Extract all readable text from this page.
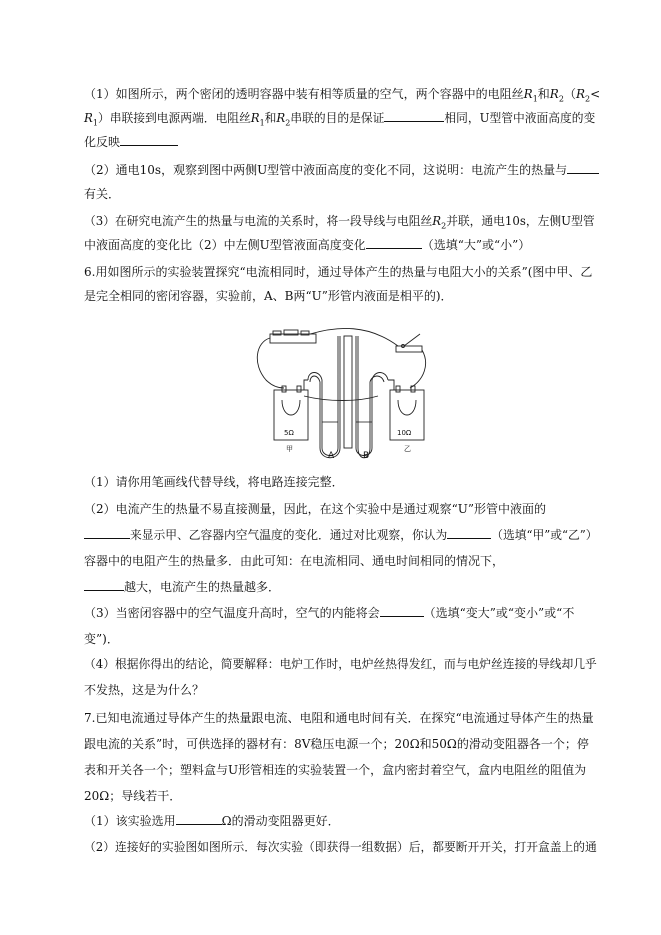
（1）如图所示，两个密闭的透明容器中装有相等质量的空气，两个容器中的电阻丝$R_1$和$R_2(R_2<$
$R_1$）串联接到电源两端．电阻丝$R_1$和$R_2$串联的目的是保证	相同，U型管中液面高度的变
化反映
（2）通电10s，观察到图中两侧U型管中液面高度的变化不同，这说明：电流产生的热量与
有关．
（3）在研究电流产生的热量与电流的关系时，将一段导线与电阻丝$R_2$并联，通电10s，左侧U型管
中液面高度的变化比（2）中左侧U型管液面高度变化	（选填“大”或“小”）
6.用如图所示的实验装置探究“电流相同时，通过导体产生的热量与电阻大小的关系”(图中甲、乙
是完全相同的密闭容器，实验前，A、B两“U”形管内液面是相平的)．
5Ω	10Ω
甲	乙
A	B
（1）请你用笔画线代替导线，将电路连接完整．
（2）电流产生的热量不易直接测量，因此，在这个实验中是通过观察“U”形管中液面的
来显示甲、乙容器内空气温度的变化．通过对比观察，你认为	（选填“甲”或“乙”）
容器中的电阻产生的热量多．由此可知：在电流相同、通电时间相同的情况下，
越大，电流产生的热量越多．
（3）当密闭容器中的空气温度升高时，空气的内能将会	（选填“变大”或“变小”或“不
变”)．
（4）根据你得出的结论，简要解释：电炉工作时，电炉丝热得发红，而与电炉丝连接的导线却几乎
不发热，这是为什么？
7.已知电流通过导体产生的热量跟电流、电阻和通电时间有关．在探究“电流通过导体产生的热量
跟电流的关系”时，可供选择的器材有：8V稳压电源一个；20Ω和50Ω的滑动变阻器各一个；停
表和开关各一个；塑料盒与U形管相连的实验装置一个，盒内密封着空气，盒内电阻丝的阻值为
20Ω；导线若干．
（1）该实验选用	Ω的滑动变阻器更好．
（2）连接好的实验图如图所示．每次实验（即获得一组数据）后，都要断开开关，打开盒盖上的通
